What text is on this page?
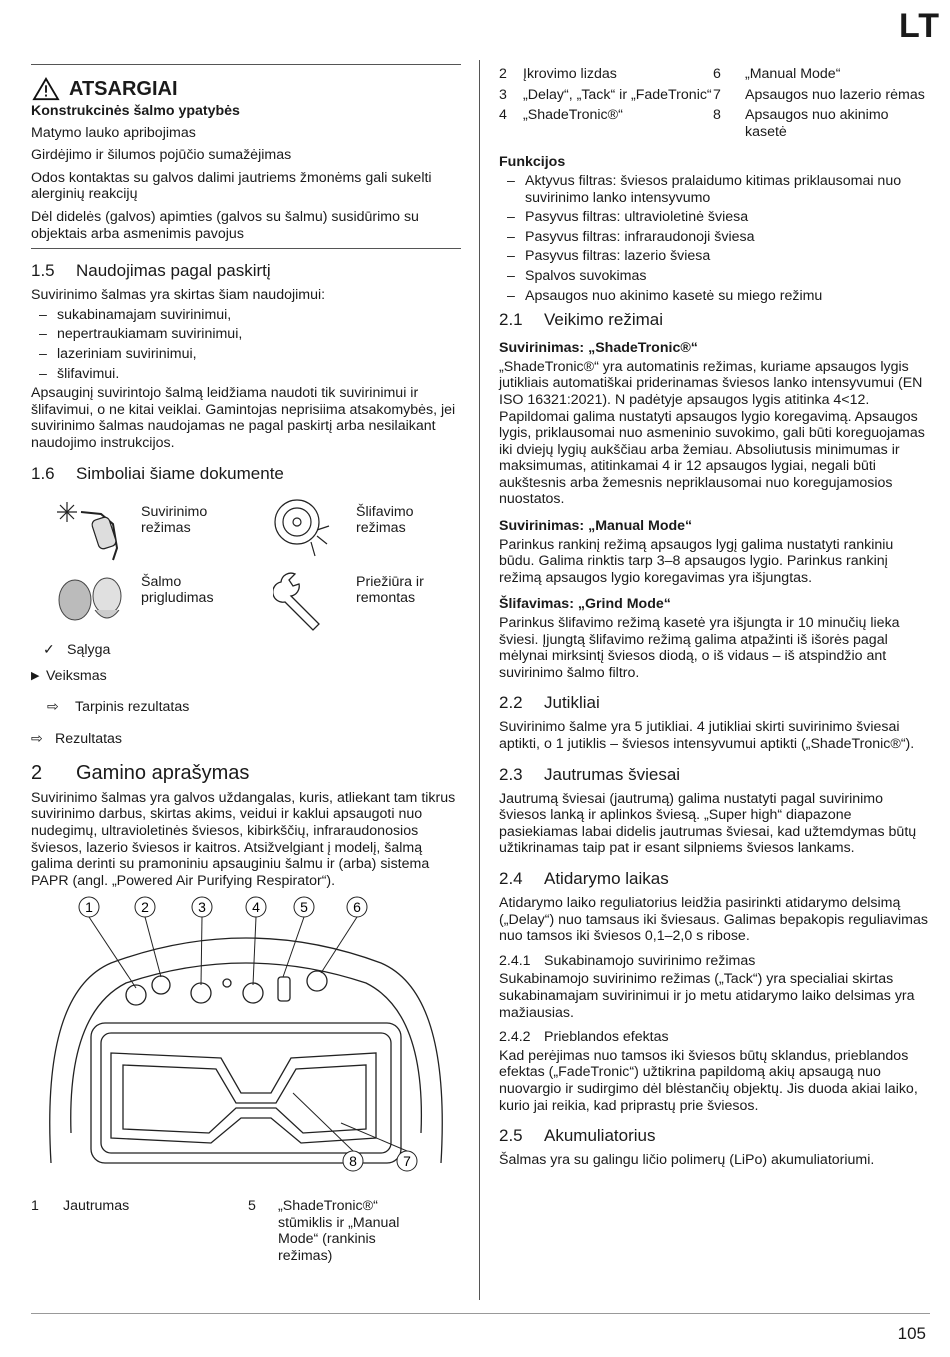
LT
ATSARGIAI
Konstrukcinės šalmo ypatybės
Matymo lauko apribojimas
Girdėjimo ir šilumos pojūčio sumažėjimas
Odos kontaktas su galvos dalimi jautriems žmonėms gali sukelti alerginių reakcijų
Dėl didelės (galvos) apimties (galvos su šalmu) susidūrimo su objektais arba asmenimis pavojus
1.5	Naudojimas pagal paskirtį
Suvirinimo šalmas yra skirtas šiam naudojimui:
– sukabinamajam suvirinimui,
– nepertraukiamam suvirinimui,
– lazeriniam suvirinimui,
– šlifavimui.
Apsauginį suvirintojo šalmą leidžiama naudoti tik suvirinimui ir šlifavimui, o ne kitai veiklai. Gamintojas neprisiima atsakomybės, jei suvirinimo šalmas naudojamas ne pagal paskirtį arba nesilaikant naudojimo instrukcijos.
1.6	Simboliai šiame dokumente
Suvirinimo režimas
Šlifavimo režimas
Šalmo prigludimas
Priežiūra ir remontas
✓ Sąlyga
▶ Veiksmas
⇨	Tarpinis rezultatas
⇨ Rezultatas
2	Gamino aprašymas
Suvirinimo šalmas yra galvos uždangalas, kuris, atliekant tam tikrus suvirinimo darbus, skirtas akims, veidui ir kaklui apsaugoti nuo nudegimų, ultravioletinės šviesos, kibirkščių, infraraudonosios šviesos, lazerio šviesos ir kaitros. Atsižvelgiant į modelį, šalmą galima derinti su pramoniniu apsauginiu šalmu ir (arba) sistema PAPR (angl. „Powered Air Purifying Respirator“).
1	2	3	4	5	6
8	7
1	Jautrumas	5	„ShadeTronic®“ stūmiklis ir „Manual Mode“ (rankinis režimas)
2	Įkrovimo lizdas	6	„Manual Mode“
3	„Delay“, „Tack“ ir „FadeTronic“ 7	Apsaugos nuo lazerio rėmas
4	„ShadeTronic®“	8	Apsaugos nuo akinimo kasetė
Funkcijos
– Aktyvus filtras: šviesos pralaidumo kitimas priklausomai nuo suvirinimo lanko intensyvumo
– Pasyvus filtras: ultravioletinė šviesa
– Pasyvus filtras: infraraudonoji šviesa
– Pasyvus filtras: lazerio šviesa
– Spalvos suvokimas
– Apsaugos nuo akinimo kasetė su miego režimu
2.1	Veikimo režimai
Suvirinimas: „ShadeTronic®“
„ShadeTronic®“ yra automatinis režimas, kuriame apsaugos lygis jutikliais automatiškai priderinamas šviesos lanko intensyvumui (EN ISO 16321:2021). N padėtyje apsaugos lygis atitinka 4<12. Papildomai galima nustatyti apsaugos lygio koregavimą. Apsaugos lygis, priklausomai nuo asmeninio suvokimo, gali būti koreguojamas iki dviejų lygių aukščiau arba žemiau. Absoliutusis minimumas ir maksimumas, atitinkamai 4 ir 12 apsaugos lygiai, negali būti aukštesnis arba žemesnis nepriklausomai nuo koregujamosios nuostatos.
Suvirinimas: „Manual Mode“
Parinkus rankinį režimą apsaugos lygį galima nustatyti rankiniu būdu. Galima rinktis tarp 3–8 apsaugos lygio. Parinkus rankinį režimą apsaugos lygio koregavimas yra išjungtas.
Šlifavimas: „Grind Mode“
Parinkus šlifavimo režimą kasetė yra išjungta ir 10 minučių lieka šviesi. Įjungtą šlifavimo režimą galima atpažinti iš išorės pagal mėlynai mirksintį šviesos diodą, o iš vidaus – iš atspindžio ant suvirinimo šalmo filtro.
2.2	Jutikliai
Suvirinimo šalme yra 5 jutikliai. 4 jutikliai skirti suvirinimo šviesai aptikti, o 1 jutiklis – šviesos intensyvumui aptikti („ShadeTronic®“).
2.3	Jautrumas šviesai
Jautrumą šviesai (jautrumą) galima nustatyti pagal suvirinimo šviesos lanką ir aplinkos šviesą. „Super high“ diapazone pasiekiamas labai didelis jautrumas šviesai, kad užtemdymas būtų užtikrinamas taip pat ir esant silpniems šviesos lankams.
2.4	Atidarymo laikas
Atidarymo laiko reguliatorius leidžia pasirinkti atidarymo delsimą („Delay“) nuo tamsaus iki šviesaus. Galimas bepakopis reguliavimas nuo tamsos iki šviesos 0,1–2,0 s ribose.
2.4.1 Sukabinamojo suvirinimo režimas
Sukabinamojo suvirinimo režimas („Tack“) yra specialiai skirtas sukabinamajam suvirinimui ir jo metu atidarymo laiko delsimas yra mažiausias.
2.4.2 Prieblandos efektas
Kad perėjimas nuo tamsos iki šviesos būtų sklandus, prieblandos efektas („FadeTronic“) užtikrina papildomą akių apsaugą nuo nuovargio ir sudirgimo dėl blėstančių objektų. Jis duoda akiai laiko, kurio jai reikia, kad priprastų prie šviesos.
2.5	Akumuliatorius
Šalmas yra su galingu ličio polimerų (LiPo) akumuliatoriumi.
105
